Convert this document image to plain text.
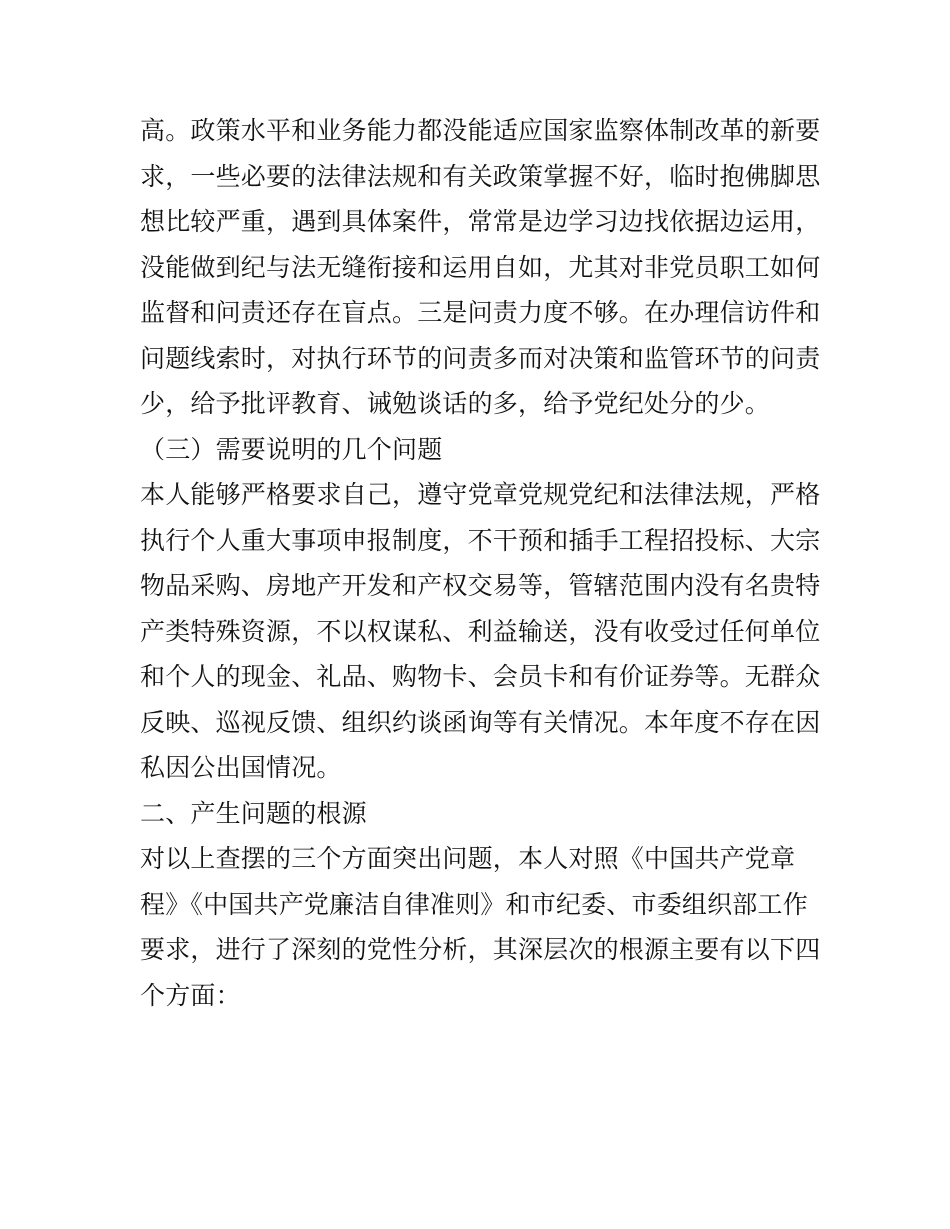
高。政策水平和业务能力都没能适应国家监察体制改革的新要
求，一些必要的法律法规和有关政策掌握不好，临时抱佛脚思
想比较严重，遇到具体案件，常常是边学习边找依据边运用，
没能做到纪与法无缝衔接和运用自如，尤其对非党员职工如何
监督和问责还存在盲点。三是问责力度不够。在办理信访件和
问题线索时，对执行环节的问责多而对决策和监管环节的问责
少，给予批评教育、诫勉谈话的多，给予党纪处分的少。
（三）需要说明的几个问题
本人能够严格要求自己，遵守党章党规党纪和法律法规，严格
执行个人重大事项申报制度，不干预和插手工程招投标、大宗
物品采购、房地产开发和产权交易等，管辖范围内没有名贵特
产类特殊资源，不以权谋私、利益输送，没有收受过任何单位
和个人的现金、礼品、购物卡、会员卡和有价证券等。无群众
反映、巡视反馈、组织约谈函询等有关情况。本年度不存在因
私因公出国情况。
二、产生问题的根源
对以上查摆的三个方面突出问题，本人对照《中国共产党章
程》《中国共产党廉洁自律准则》和市纪委、市委组织部工作
要求，进行了深刻的党性分析，其深层次的根源主要有以下四
个方面：
